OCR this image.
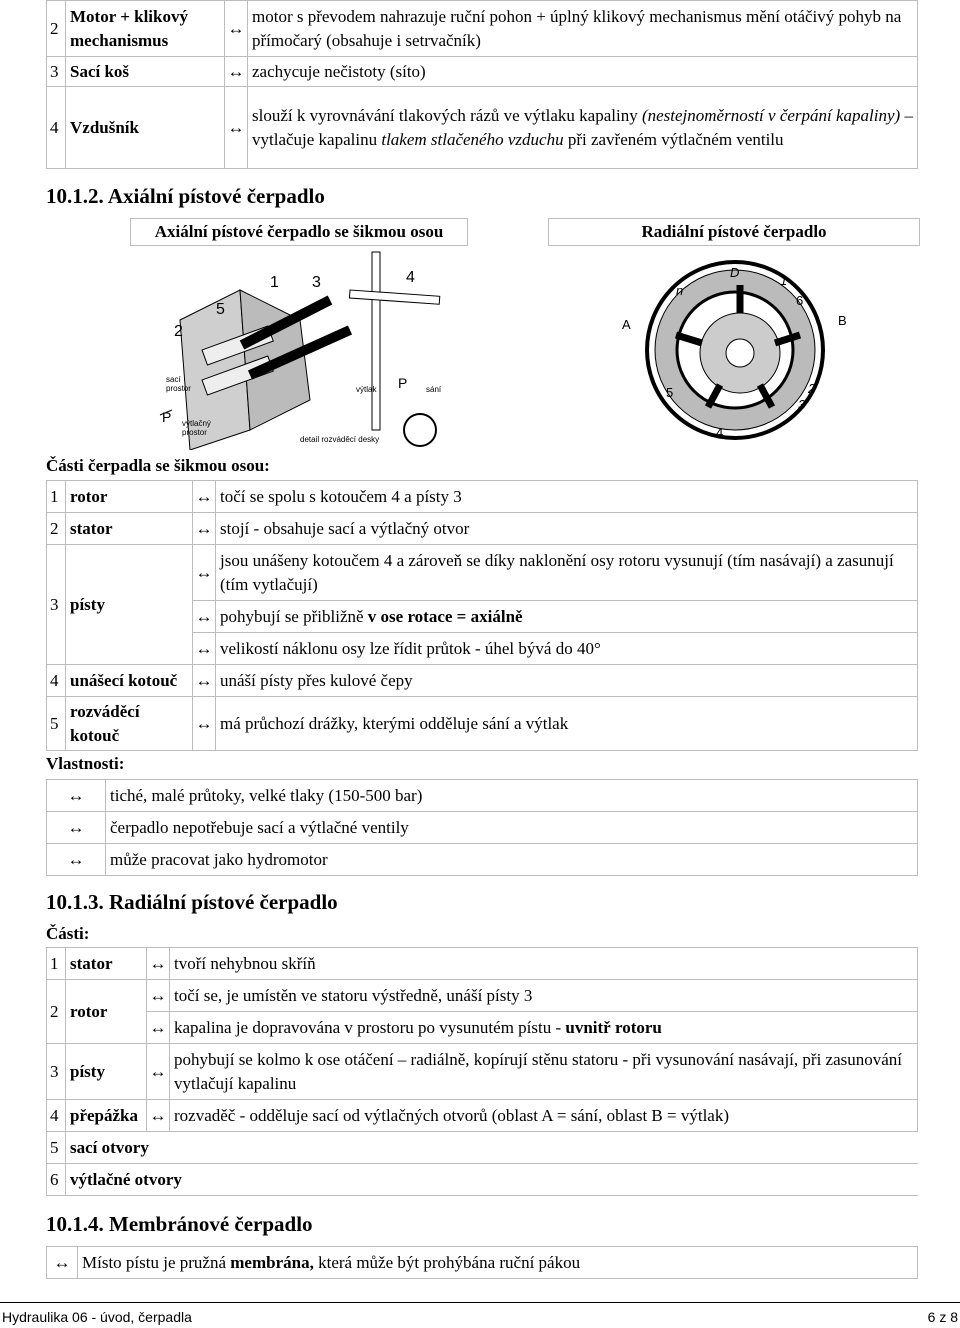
2	Motor + klikový mechanismus	↔	motor s převodem nahrazuje ruční pohon + úplný klikový mechanismus mění otáčivý pohyb na přímočarý (obsahuje i setrvačník)
3	Sací koš	↔	zachycuje nečistoty (síto)
4	Vzdušník	↔	slouží k vyrovnávání tlakových rázů ve výtlaku kapaliny (nestejnoměrností v čerpání kapaliny) – vytlačuje kapalinu tlakem stlačeného vzduchu při zavřeném výtlačném ventilu
10.1.2. Axiální pístové čerpadlo
Axiální pístové čerpadlo se šikmou osou	Radiální pístové čerpadlo
1 3	4
5
2
P
P
sací
prostor
výtlačný
prostor
výtlak	sání
detail rozváděcí desky
A	B
D
1
6
2
3
4
5
n
Části čerpadla se šikmou osou:
1	rotor	↔	točí se spolu s kotoučem 4 a písty 3
2	stator	↔	stojí - obsahuje sací a výtlačný otvor
3	písty	↔	jsou unášeny kotoučem 4 a zároveň se díky naklonění osy rotoru vysunují (tím nasávají) a zasunují (tím vytlačují)
		↔	pohybují se přibližně v ose rotace = axiálně
		↔	velikostí náklonu osy lze řídit průtok - úhel bývá do 40°
4	unášecí kotouč	↔	unáší písty přes kulové čepy
5	rozváděcí kotouč	↔	má průchozí drážky, kterými odděluje sání a výtlak
Vlastnosti:
↔	tiché, malé průtoky, velké tlaky (150-500 bar)
↔	čerpadlo nepotřebuje sací a výtlačné ventily
↔	může pracovat jako hydromotor
10.1.3. Radiální pístové čerpadlo
Části:
1	stator	↔	tvoří nehybnou skříň
2	rotor	↔	točí se, je umístěn ve statoru výstředně, unáší písty 3
		↔	kapalina je dopravována v prostoru po vysunutém pístu - uvnitř rotoru
3	písty	↔	pohybují se kolmo k ose otáčení – radiálně, kopírují stěnu statoru - při vysunování nasávají, při zasunování vytlačují kapalinu
4	přepážka	↔	rozvaděč - odděluje sací od výtlačných otvorů (oblast A = sání, oblast B = výtlak)
5	sací otvory		
6	výtlačné otvory		
10.1.4. Membránové čerpadlo
↔	Místo pístu je pružná membrána, která může být prohýbána ruční pákou
Hydraulika 06 - úvod, čerpadla	6 z 8
